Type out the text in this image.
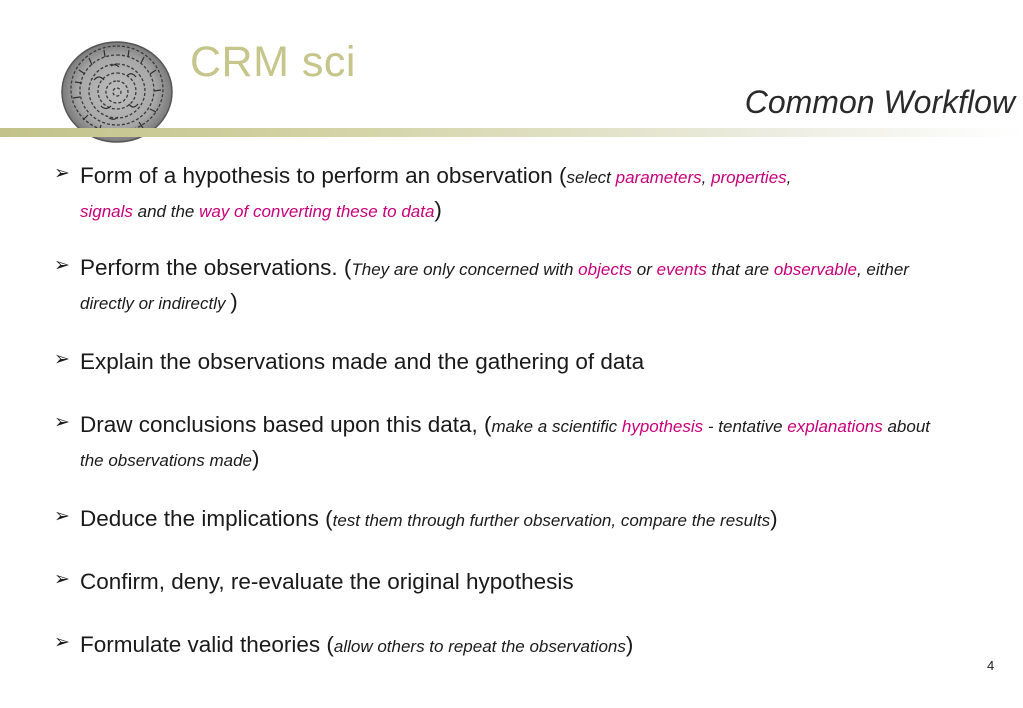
CRM sci
Common Workflow
➢ Form of a hypothesis to perform an observation (select parameters, properties,
signals and the way of converting these to data)
➢ Perform the observations. (They are only concerned with objects or events that are observable, either directly or indirectly )
➢ Explain the observations made and the gathering of data
➢ Draw conclusions based upon this data, (make a scientific hypothesis - tentative explanations about the observations made)
➢ Deduce the implications (test them through further observation, compare the results)
➢ Confirm, deny, re-evaluate the original hypothesis
➢ Formulate valid theories (allow others to repeat the observations)
4
